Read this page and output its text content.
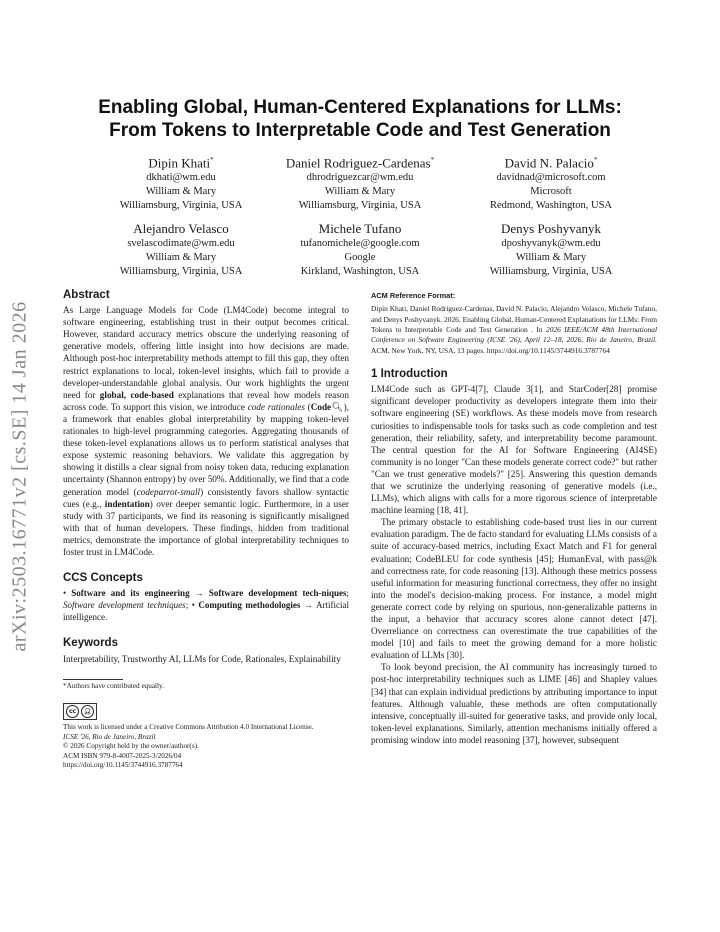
arXiv:2503.16771v2 [cs.SE] 14 Jan 2026
Enabling Global, Human-Centered Explanations for LLMs:
From Tokens to Interpretable Code and Test Generation
Dipin Khati*
dkhati@wm.edu
William & Mary
Williamsburg, Virginia, USA
Daniel Rodriguez-Cardenas*
dhrodriguezcar@wm.edu
William & Mary
Williamsburg, Virginia, USA
David N. Palacio*
davidnad@microsoft.com
Microsoft
Redmond, Washington, USA
Alejandro Velasco
svelascodimate@wm.edu
William & Mary
Williamsburg, Virginia, USA
Michele Tufano
tufanomichele@google.com
Google
Kirkland, Washington, USA
Denys Poshyvanyk
dposhyvanyk@wm.edu
William & Mary
Williamsburg, Virginia, USA
Abstract

As Large Language Models for Code (LM4Code) become integral to software engineering, establishing trust in their output becomes critical. However, standard accuracy metrics obscure the underlying reasoning of generative models, offering little insight into how decisions are made. Although post-hoc interpretability methods attempt to fill this gap, they often restrict explanations to local, token-level insights, which fail to provide a developer-understandable global analysis. Our work highlights the urgent need for global, code-based explanations that reveal how models reason across code. To support this vision, we introduce code rationales (Code🔍︎), a framework that enables global interpretability by mapping token-level rationales to high-level programming categories. Aggregating thousands of these token-level explanations allows us to perform statistical analyses that expose systemic reasoning behaviors. We validate this aggregation by showing it distills a clear signal from noisy token data, reducing explanation uncertainty (Shannon entropy) by over 50%. Additionally, we find that a code generation model (codeparrot-small) consistently favors shallow syntactic cues (e.g., indentation) over deeper semantic logic. Furthermore, in a user study with 37 participants, we find its reasoning is significantly misaligned with that of human developers. These findings, hidden from traditional metrics, demonstrate the importance of global interpretability techniques to foster trust in LM4Code.

CCS Concepts

• Software and its engineering → Software development tech-niques; Software development techniques; • Computing methodologies → Artificial intelligence.

Keywords

Interpretability, Trustworthy AI, LLMs for Code, Rationales, Explainability

*Authors have contributed equally.

cc	👤︎

This work is licensed under a Creative Commons Attribution 4.0 International License.

ICSE '26, Rio de Janeiro, Brazil

© 2026 Copyright held by the owner/author(s).

ACM ISBN 979-8-4007-2025-3/2026/04

https://doi.org/10.1145/3744916.3787764

ACM Reference Format:

Dipin Khati, Daniel Rodriguez-Cardenas, David N. Palacio, Alejandro Velasco, Michele Tufano, and Denys Poshyvanyk. 2026. Enabling Global, Human-Centered Explanations for LLMs: From Tokens to Interpretable Code and Test Generation . In 2026 IEEE/ACM 48th International Conference on Software Engineering (ICSE '26), April 12–18, 2026, Rio de Janeiro, Brazil. ACM, New York, NY, USA, 13 pages. https://doi.org/10.1145/3744916.3787764

1 Introduction

LM4Code such as GPT-4[7], Claude 3[1], and StarCoder[28] promise significant developer productivity as developers integrate them into their software engineering (SE) workflows. As these models move from research curiosities to indispensable tools for tasks such as code completion and test generation, their reliability, safety, and interpretability become paramount. The central question for the AI for Software Engineering (AI4SE) community is no longer "Can these models generate correct code?" but rather "Can we trust generative models?" [25]. Answering this question demands that we scrutinize the underlying reasoning of generative models (i.e., LLMs), which aligns with calls for a more rigorous science of interpretable machine learning [18, 41].

The primary obstacle to establishing code-based trust lies in our current evaluation paradigm. The de facto standard for evaluating LLMs consists of a suite of accuracy-based metrics, including Exact Match and F1 for general evaluation; CodeBLEU for code synthesis [45]; HumanEval, with pass@k and correctness rate, for code reasoning [13]. Although these metrics possess useful information for measuring functional correctness, they offer no insight into the model's decision-making process. For instance, a model might generate correct code by relying on spurious, non-generalizable patterns in the input, a behavior that accuracy scores alone cannot detect [47]. Overreliance on correctness can overestimate the true capabilities of the model [10] and fails to meet the growing demand for a more holistic evaluation of LLMs [30].

To look beyond precision, the AI community has increasingly turned to post-hoc interpretability techniques such as LIME [46] and Shapley values [34] that can explain individual predictions by attributing importance to input features. Although valuable, these methods are often computationally intensive, conceptually ill-suited for generative tasks, and provide only local, token-level explanations. Similarly, attention mechanisms initially offered a promising window into model reasoning [37], however, subsequent
